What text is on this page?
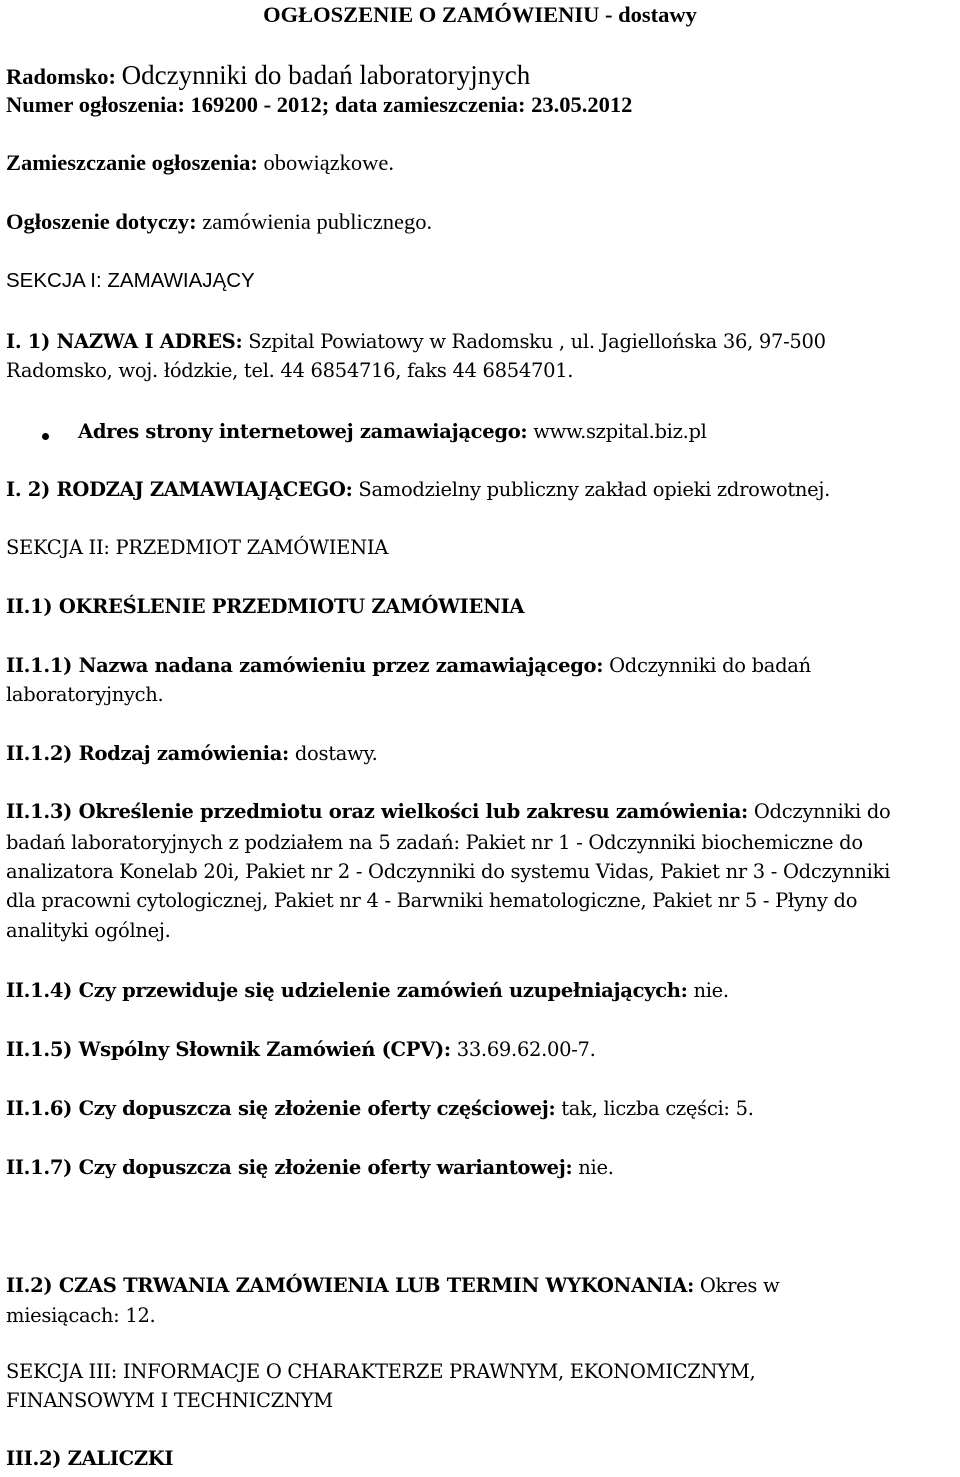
OGŁOSZENIE O ZAMÓWIENIU - dostawy

Radomsko: Odczynniki do badań laboratoryjnych

Numer ogłoszenia: 169200 - 2012; data zamieszczenia: 23.05.2012

Zamieszczanie ogłoszenia: obowiązkowe.

Ogłoszenie dotyczy: zamówienia publicznego.

SEKCJA I: ZAMAWIAJĄCY

I. 1) NAZWA I ADRES: Szpital Powiatowy w Radomsku , ul. Jagiellońska 36, 97-500

Radomsko, woj. łódzkie, tel. 44 6854716, faks 44 6854701.

Adres strony internetowej zamawiającego: www.szpital.biz.pl

I. 2) RODZAJ ZAMAWIAJĄCEGO: Samodzielny publiczny zakład opieki zdrowotnej.

SEKCJA II: PRZEDMIOT ZAMÓWIENIA

II.1) OKREŚLENIE PRZEDMIOTU ZAMÓWIENIA

II.1.1) Nazwa nadana zamówieniu przez zamawiającego: Odczynniki do badań

laboratoryjnych.

II.1.2) Rodzaj zamówienia: dostawy.

II.1.3) Określenie przedmiotu oraz wielkości lub zakresu zamówienia: Odczynniki do

badań laboratoryjnych z podziałem na 5 zadań: Pakiet nr 1 - Odczynniki biochemiczne do

analizatora Konelab 20i, Pakiet nr 2 - Odczynniki do systemu Vidas, Pakiet nr 3 - Odczynniki

dla pracowni cytologicznej, Pakiet nr 4 - Barwniki hematologiczne, Pakiet nr 5 - Płyny do

analityki ogólnej.

II.1.4) Czy przewiduje się udzielenie zamówień uzupełniających: nie.

II.1.5) Wspólny Słownik Zamówień (CPV): 33.69.62.00-7.

II.1.6) Czy dopuszcza się złożenie oferty częściowej: tak, liczba części: 5.

II.1.7) Czy dopuszcza się złożenie oferty wariantowej: nie.

II.2) CZAS TRWANIA ZAMÓWIENIA LUB TERMIN WYKONANIA: Okres w

miesiącach: 12.

SEKCJA III: INFORMACJE O CHARAKTERZE PRAWNYM, EKONOMICZNYM,

FINANSOWYM I TECHNICZNYM

III.2) ZALICZKI
